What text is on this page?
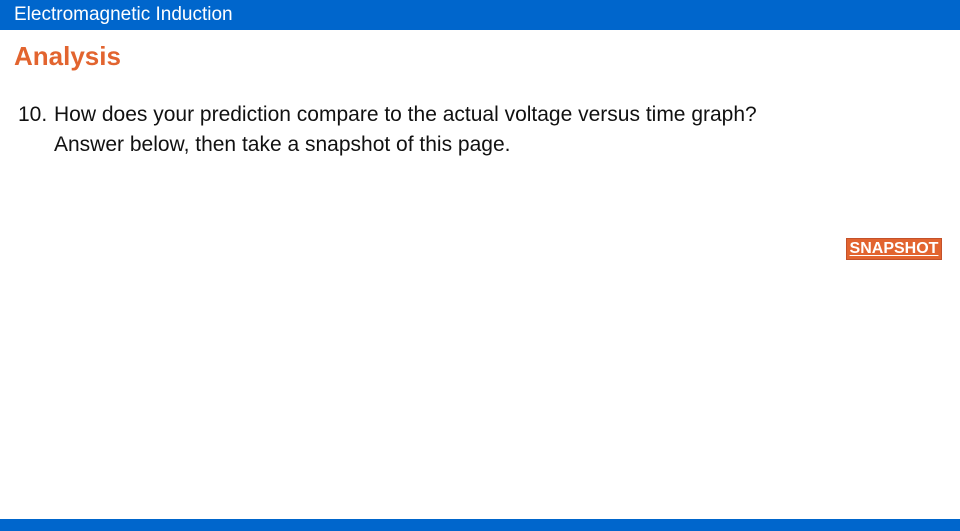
Electromagnetic Induction
Analysis
10. How does your prediction compare to the actual voltage versus time graph?
Answer below, then take a snapshot of this page.
SNAPSHOT
